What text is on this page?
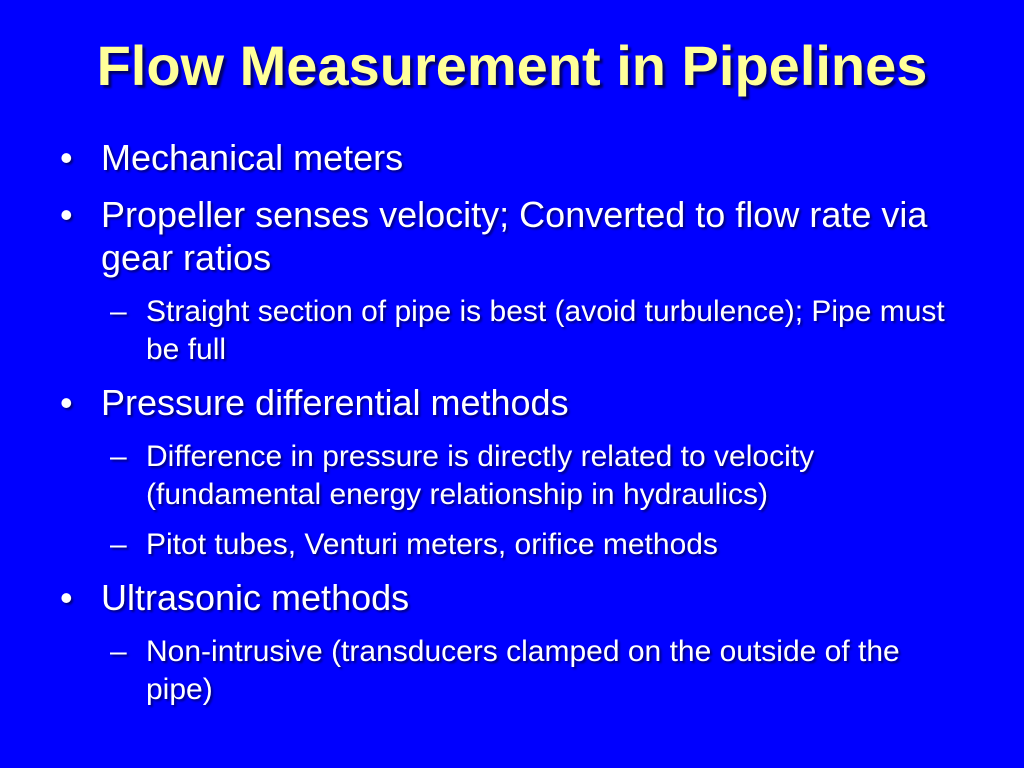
Flow Measurement in Pipelines
• Mechanical meters
• Propeller senses velocity; Converted to flow rate via gear ratios
– Straight section of pipe is best (avoid turbulence); Pipe must be full
• Pressure differential methods
– Difference in pressure is directly related to velocity (fundamental energy relationship in hydraulics)
– Pitot tubes, Venturi meters, orifice methods
• Ultrasonic methods
– Non-intrusive (transducers clamped on the outside of the pipe)
